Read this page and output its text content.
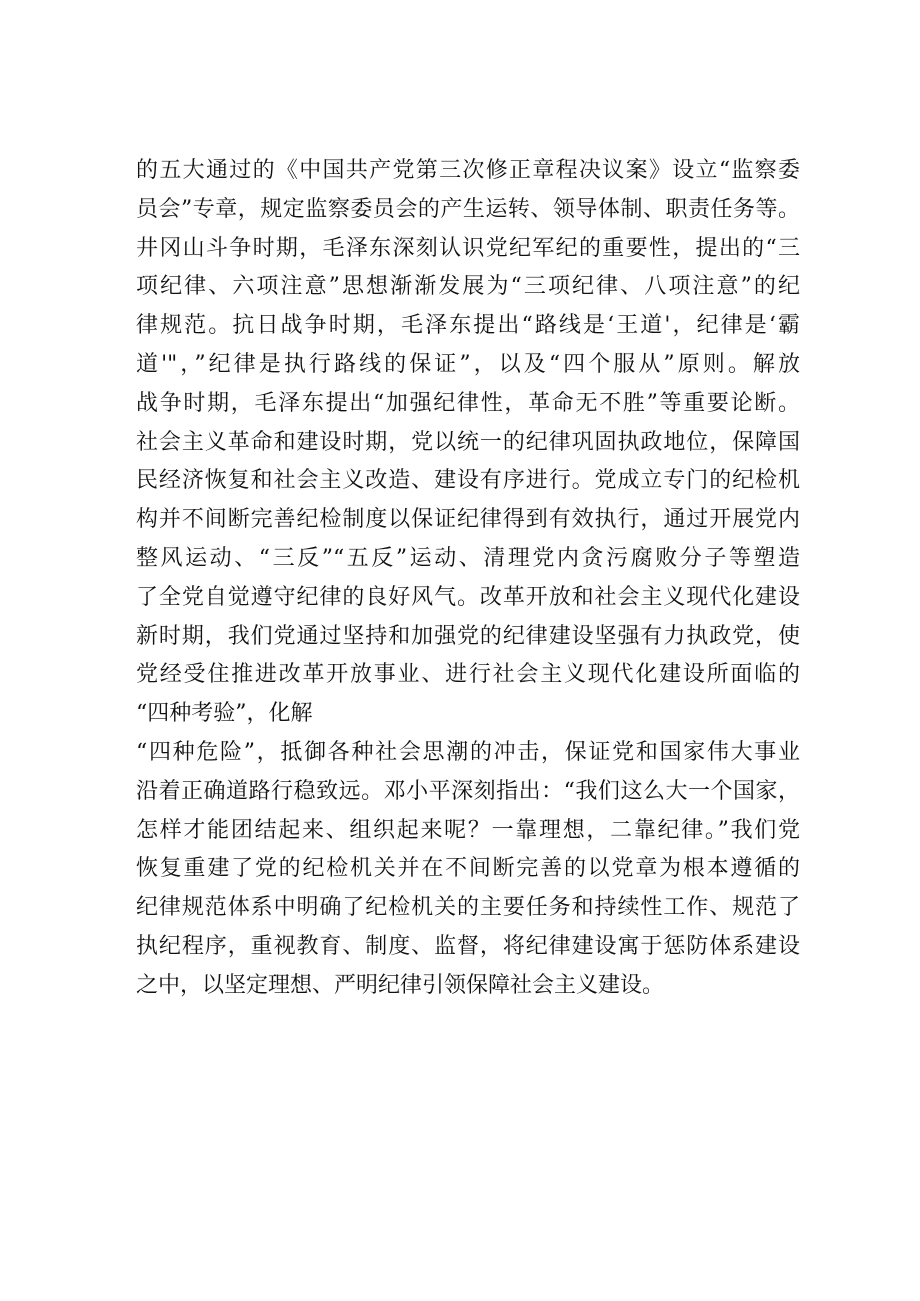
的五大通过的《中国共产党第三次修正章程决议案》设立“监察委
员会”专章，规定监察委员会的产生运转、领导体制、职责任务等。
井冈山斗争时期，毛泽东深刻认识党纪军纪的重要性，提出的“三
项纪律、六项注意”思想渐渐发展为“三项纪律、八项注意”的纪
律规范。抗日战争时期，毛泽东提出“路线是‘王道'，纪律是‘霸
道'"，”纪律是执行路线的保证”，以及“四个服从”原则。解放
战争时期，毛泽东提出“加强纪律性，革命无不胜”等重要论断。
社会主义革命和建设时期，党以统一的纪律巩固执政地位，保障国
民经济恢复和社会主义改造、建设有序进行。党成立专门的纪检机
构并不间断完善纪检制度以保证纪律得到有效执行，通过开展党内
整风运动、“三反”“五反”运动、清理党内贪污腐败分子等塑造
了全党自觉遵守纪律的良好风气。改革开放和社会主义现代化建设
新时期，我们党通过坚持和加强党的纪律建设坚强有力执政党，使
党经受住推进改革开放事业、进行社会主义现代化建设所面临的
“四种考验”，化解
“四种危险”，抵御各种社会思潮的冲击，保证党和国家伟大事业
沿着正确道路行稳致远。邓小平深刻指出：“我们这么大一个国家，
怎样才能团结起来、组织起来呢？一靠理想，二靠纪律。”我们党
恢复重建了党的纪检机关并在不间断完善的以党章为根本遵循的
纪律规范体系中明确了纪检机关的主要任务和持续性工作、规范了
执纪程序，重视教育、制度、监督，将纪律建设寓于惩防体系建设
之中，以坚定理想、严明纪律引领保障社会主义建设。
